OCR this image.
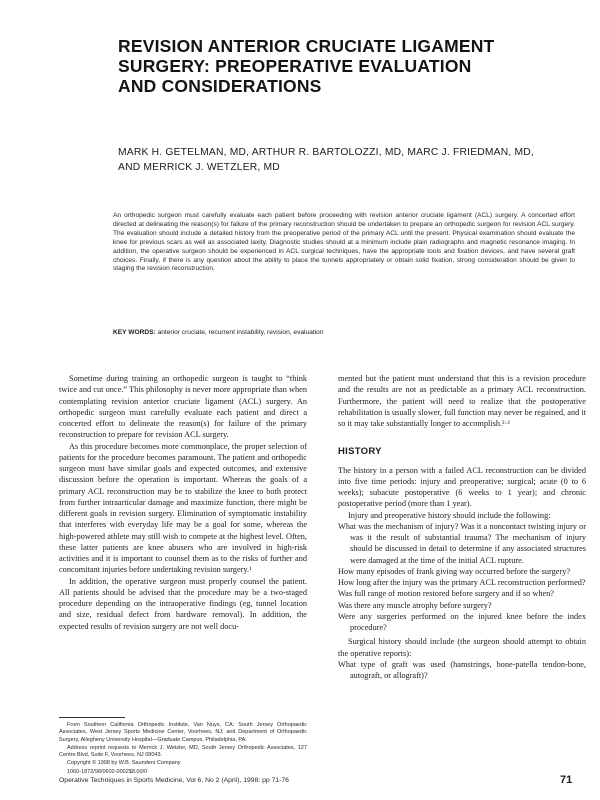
REVISION ANTERIOR CRUCIATE LIGAMENT
SURGERY: PREOPERATIVE EVALUATION
AND CONSIDERATIONS
MARK H. GETELMAN, MD, ARTHUR R. BARTOLOZZI, MD, MARC J. FRIEDMAN, MD,
AND MERRICK J. WETZLER, MD
An orthopedic surgeon must carefully evaluate each patient before proceeding with revision anterior cruciate ligament (ACL) surgery. A concerted effort directed at delineating the reason(s) for failure of the primary reconstruction should be undertaken to prepare an orthopedic surgeon for revision ACL surgery. The evaluation should include a detailed history from the preoperative period of the primary ACL until the present. Physical examination should evaluate the knee for previous scars as well as associated laxity. Diagnostic studies should at a minimum include plain radiographs and magnetic resonance imaging. In addition, the operative surgeon should be experienced in ACL surgical techniques, have the appropriate tools and fixation devices, and have several graft choices. Finally, if there is any question about the ability to place the tunnels appropriately or obtain solid fixation, strong consideration should be given to staging the revision reconstruction.
KEY WORDS: anterior cruciate, recurrent instability, revision, evaluation

Sometime during training an orthopedic surgeon is taught to “think twice and cut once.” This philosophy is never more appropriate than when contemplating revision anterior cruciate ligament (ACL) surgery. An orthopedic surgeon must carefully evaluate each patient and direct a concerted effort to delineate the reason(s) for failure of the primary reconstruction to prepare for revision ACL surgery.

As this procedure becomes more commonplace, the proper selection of patients for the procedure becomes paramount. The patient and orthopedic surgeon must have similar goals and expected outcomes, and extensive discussion before the operation is important. Whereas the goals of a primary ACL reconstruction may be to stabilize the knee to both protect from further intraarticular damage and maximize function, there might be different goals in revision surgery. Elimination of symptomatic instability that interferes with everyday life may be a goal for some, whereas the high-powered athlete may still wish to compete at the highest level. Often, these latter patients are knee abusers who are involved in high-risk activities and it is important to counsel them as to the risks of further and concomitant injuries before undertaking revision surgery.¹

In addition, the operative surgeon must properly counsel the patient. All patients should be advised that the procedure may be a two-staged procedure depending on the intraoperative findings (eg, tunnel location and size, residual defect from hardware removal). In addition, the expected results of revision surgery are not well docu-

mented but the patient must understand that this is a revision procedure and the results are not as predictable as a primary ACL reconstruction. Furthermore, the patient will need to realize that the postoperative rehabilitation is usually slower, full function may never be regained, and it so it may take substantially longer to accomplish.²·³

HISTORY

The history in a person with a failed ACL reconstruction can be divided into five time periods: injury and preoperative; surgical; acute (0 to 6 weeks); subacute postoperative (6 weeks to 1 year); and chronic postoperative period (more than 1 year).

Injury and preoperative history should include the following:

What was the mechanism of injury? Was it a noncontact twisting injury or was it the result of substantial trauma? The mechanism of injury should be discussed in detail to determine if any associated structures were damaged at the time of the initial ACL rupture.

How many episodes of frank giving way occurred before the surgery?

How long after the injury was the primary ACL reconstruction performed?

Was full range of motion restored before surgery and if so when?

Was there any muscle atrophy before surgery?

Were any surgeries performed on the injured knee before the index procedure?

Surgical history should include (the surgeon should attempt to obtain the operative reports):

What type of graft was used (hamstrings, bone-patella tendon-bone, autograft, or allograft)?

From Southern California Orthopedic Institute, Van Nuys, CA; South Jersey Orthopaedic Associates, West Jersey Sports Medicine Center, Voorhees, NJ; and Department of Orthopaedic Surgery, Allegheny University Hospital—Graduate Campus, Philadelphia, PA.

Address reprint requests to Merrick J. Wetzler, MD, South Jersey Orthopedic Associates, 127 Centre Blvd, Suite F, Voorhees, NJ 08043.

Copyright © 1998 by W.B. Saunders Company

1060-1872/98/0602-0002$8.00/0

Operative Techniques in Sports Medicine, Vol 6, No 2 (April), 1998: pp 71-76	71
